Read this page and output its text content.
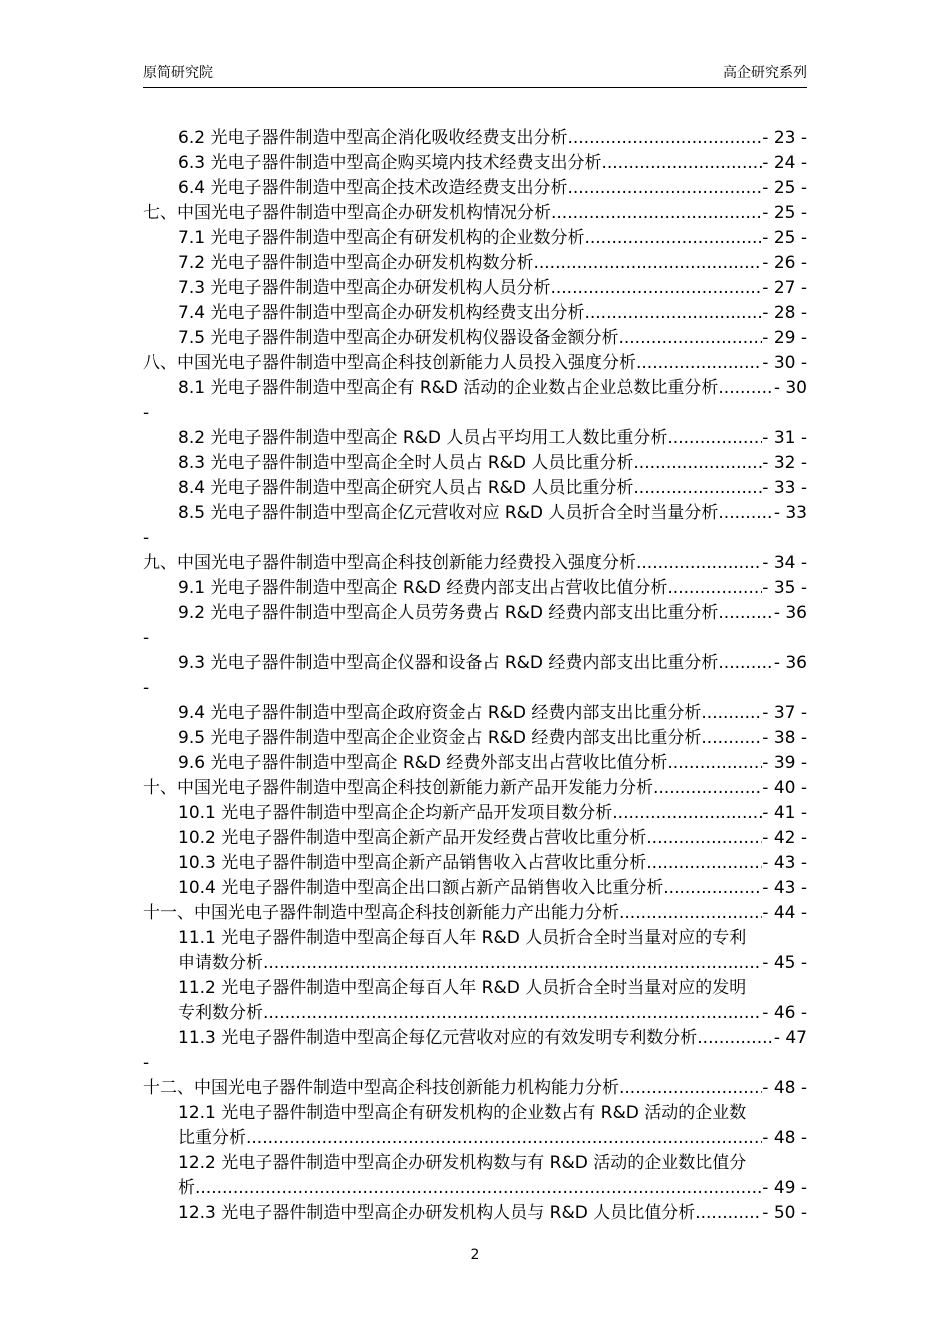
原简研究院	高企研究系列
6.2 光电子器件制造中型高企消化吸收经费支出分析 .....	- 23 -
6.3 光电子器件制造中型高企购买境内技术经费支出分析 .....	- 24 -
6.4 光电子器件制造中型高企技术改造经费支出分析 .....	- 25 -
七、中国光电子器件制造中型高企办研发机构情况分析 .....	- 25 -
7.1 光电子器件制造中型高企有研发机构的企业数分析 .....	- 25 -
7.2 光电子器件制造中型高企办研发机构数分析 .....	- 26 -
7.3 光电子器件制造中型高企办研发机构人员分析 .....	- 27 -
7.4 光电子器件制造中型高企办研发机构经费支出分析 .....	- 28 -
7.5 光电子器件制造中型高企办研发机构仪器设备金额分析 .....	- 29 -
八、中国光电子器件制造中型高企科技创新能力人员投入强度分析 .....	- 30 -
8.1 光电子器件制造中型高企有 R&D 活动的企业数占企业总数比重分析 .....	- 30
-
8.2 光电子器件制造中型高企 R&D 人员占平均用工人数比重分析 .....	- 31 -
8.3 光电子器件制造中型高企全时人员占 R&D 人员比重分析 .....	- 32 -
8.4 光电子器件制造中型高企研究人员占 R&D 人员比重分析 .....	- 33 -
8.5 光电子器件制造中型高企亿元营收对应 R&D 人员折合全时当量分析 .....	- 33
-
九、中国光电子器件制造中型高企科技创新能力经费投入强度分析 .....	- 34 -
9.1 光电子器件制造中型高企 R&D 经费内部支出占营收比值分析 .....	- 35 -
9.2 光电子器件制造中型高企人员劳务费占 R&D 经费内部支出比重分析 .....	- 36
-
9.3 光电子器件制造中型高企仪器和设备占 R&D 经费内部支出比重分析 .....	- 36
-
9.4 光电子器件制造中型高企政府资金占 R&D 经费内部支出比重分析 .....	- 37 -
9.5 光电子器件制造中型高企企业资金占 R&D 经费内部支出比重分析 .....	- 38 -
9.6 光电子器件制造中型高企 R&D 经费外部支出占营收比值分析 .....	- 39 -
十、中国光电子器件制造中型高企科技创新能力新产品开发能力分析 .....	- 40 -
10.1 光电子器件制造中型高企企均新产品开发项目数分析 .....	- 41 -
10.2 光电子器件制造中型高企新产品开发经费占营收比重分析 .....	- 42 -
10.3 光电子器件制造中型高企新产品销售收入占营收比重分析 .....	- 43 -
10.4 光电子器件制造中型高企出口额占新产品销售收入比重分析 .....	- 43 -
十一、中国光电子器件制造中型高企科技创新能力产出能力分析 .....	- 44 -
11.1 光电子器件制造中型高企每百人年 R&D 人员折合全时当量对应的专利
申请数分析 .....	- 45 -
11.2 光电子器件制造中型高企每百人年 R&D 人员折合全时当量对应的发明
专利数分析 .....	- 46 -
11.3 光电子器件制造中型高企每亿元营收对应的有效发明专利数分析. .....	- 47
-
十二、中国光电子器件制造中型高企科技创新能力机构能力分析 .....	- 48 -
12.1 光电子器件制造中型高企有研发机构的企业数占有 R&D 活动的企业数
比重分析 .....	- 48 -
12.2 光电子器件制造中型高企办研发机构数与有 R&D 活动的企业数比值分
析 .....	- 49 -
12.3 光电子器件制造中型高企办研发机构人员与 R&D 人员比值分析. .....	- 50 -
2
